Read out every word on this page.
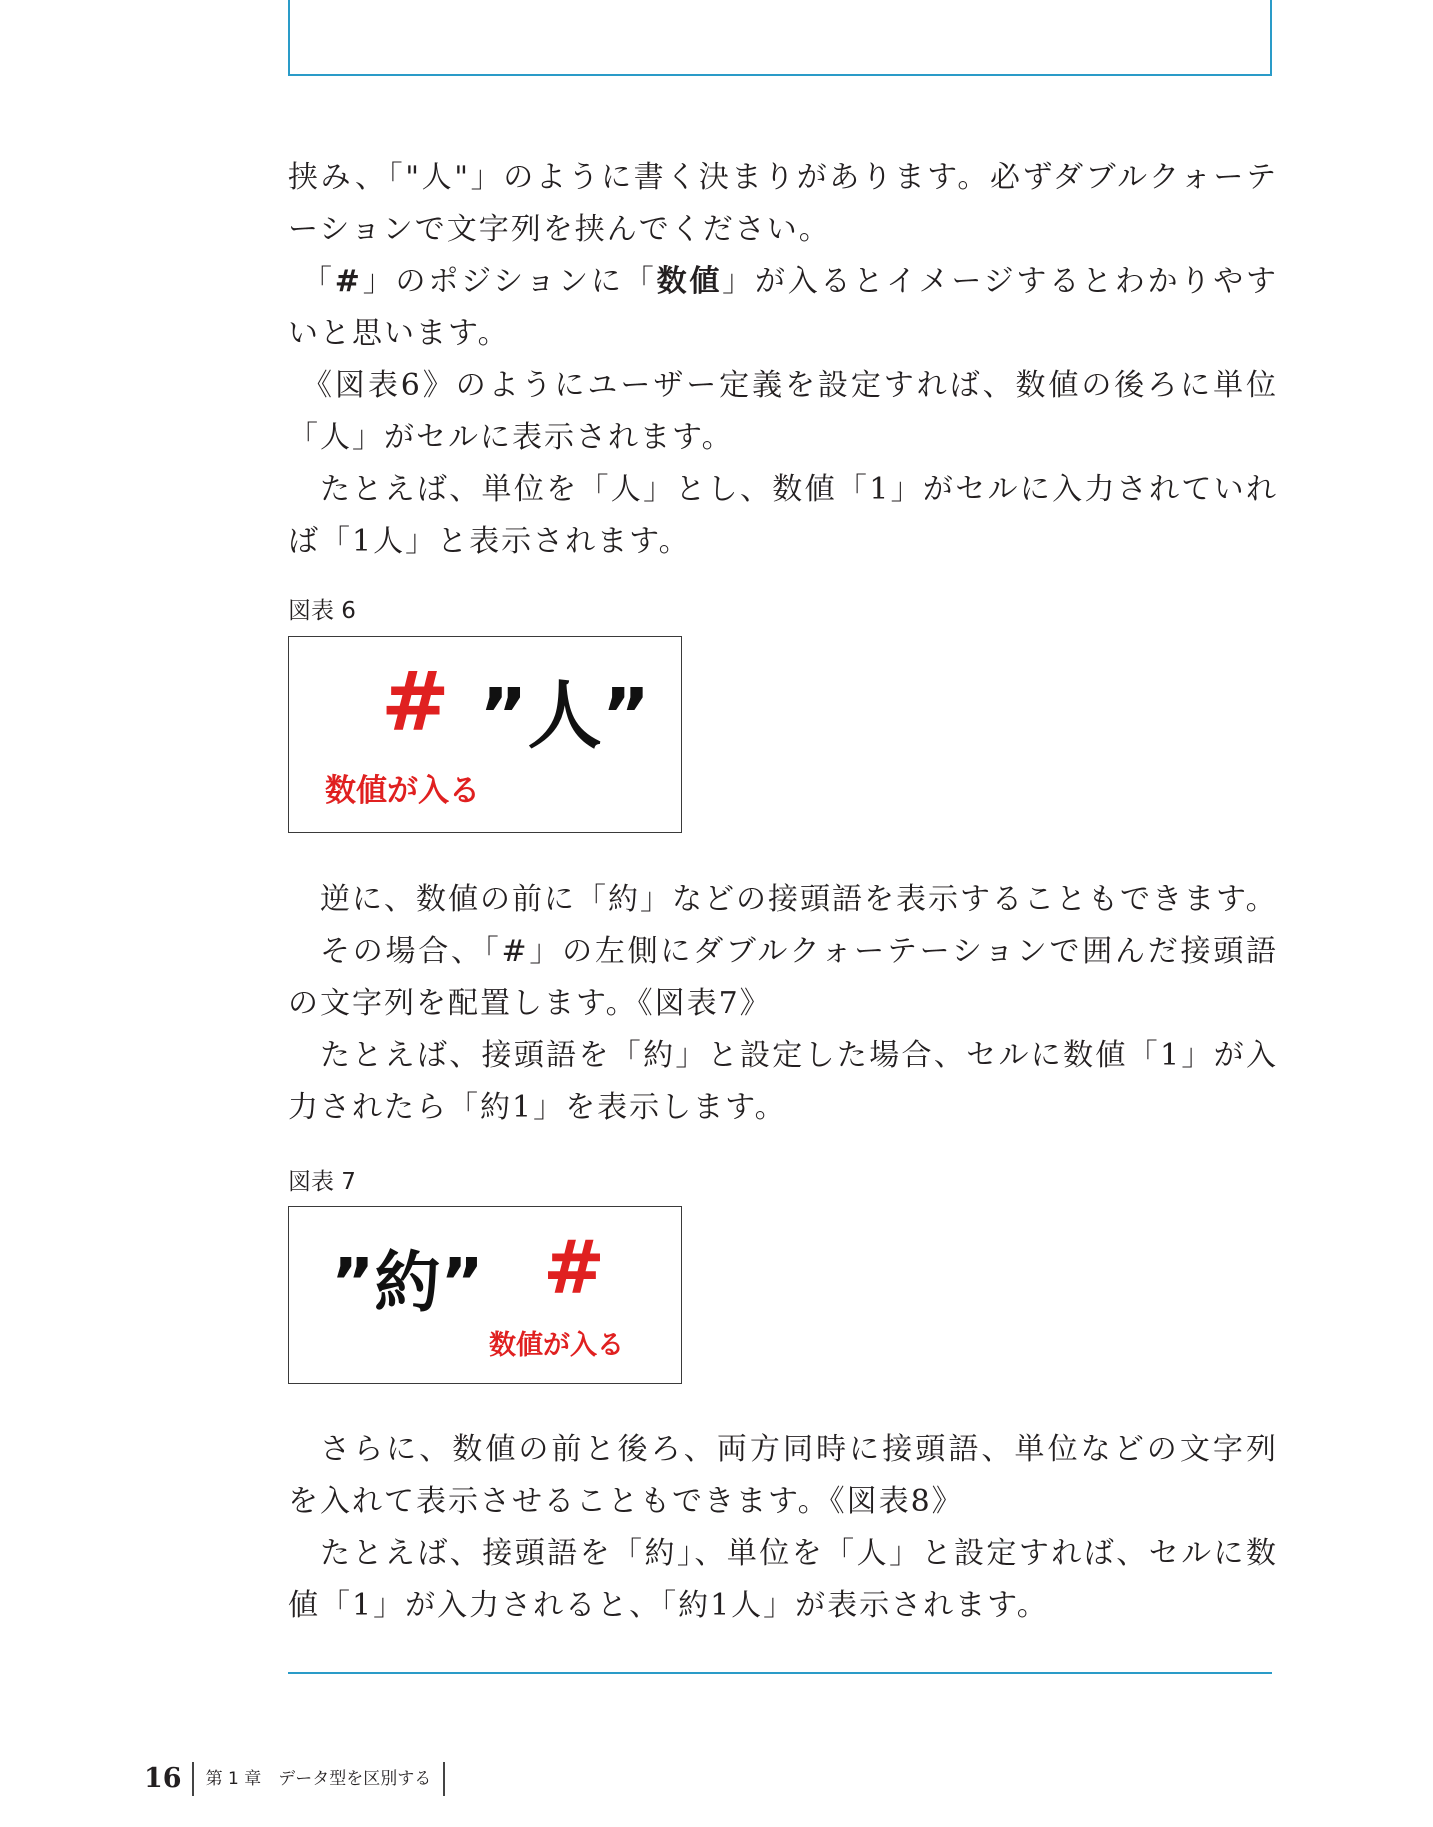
挟み、「"人"」のように書く決まりがあります。必ずダブルクォーテーションで文字列を挟んでください。

「#」のポジションに「数値」が入るとイメージするとわかりやすいと思います。

《図表6》のようにユーザー定義を設定すれば、数値の後ろに単位「人」がセルに表示されます。

たとえば、単位を「人」とし、数値「1」がセルに入力されていれば「1人」と表示されます。

図表 6
# ”人”
数値が入る

逆に、数値の前に「約」などの接頭語を表示することもできます。

その場合、「#」の左側にダブルクォーテーションで囲んだ接頭語の文字列を配置します。《図表7》

たとえば、接頭語を「約」と設定した場合、セルに数値「1」が入力されたら「約1」を表示します。

図表 7
”約” #
数値が入る

さらに、数値の前と後ろ、両方同時に接頭語、単位などの文字列を入れて表示させることもできます。《図表8》

たとえば、接頭語を「約」、単位を「人」と設定すれば、セルに数値「1」が入力されると、「約1人」が表示されます。

16	第 1 章　データ型を区別する
